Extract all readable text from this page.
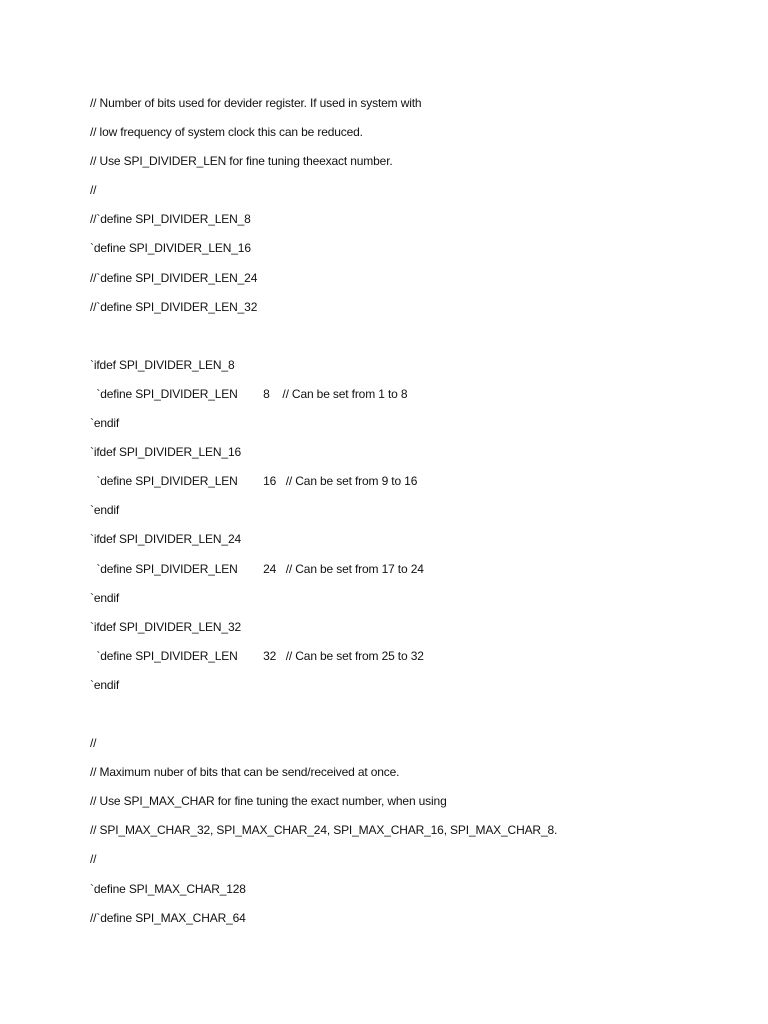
// Number of bits used for devider register. If used in system with
// low frequency of system clock this can be reduced.
// Use SPI_DIVIDER_LEN for fine tuning theexact number.
//
//`define SPI_DIVIDER_LEN_8
`define SPI_DIVIDER_LEN_16
//`define SPI_DIVIDER_LEN_24
//`define SPI_DIVIDER_LEN_32
`ifdef SPI_DIVIDER_LEN_8
`define SPI_DIVIDER_LEN        8    // Can be set from 1 to 8
`endif
`ifdef SPI_DIVIDER_LEN_16
`define SPI_DIVIDER_LEN        16   // Can be set from 9 to 16
`endif
`ifdef SPI_DIVIDER_LEN_24
`define SPI_DIVIDER_LEN        24   // Can be set from 17 to 24
`endif
`ifdef SPI_DIVIDER_LEN_32
`define SPI_DIVIDER_LEN        32   // Can be set from 25 to 32
`endif
//
// Maximum nuber of bits that can be send/received at once.
// Use SPI_MAX_CHAR for fine tuning the exact number, when using
// SPI_MAX_CHAR_32, SPI_MAX_CHAR_24, SPI_MAX_CHAR_16, SPI_MAX_CHAR_8.
//
`define SPI_MAX_CHAR_128
//`define SPI_MAX_CHAR_64
